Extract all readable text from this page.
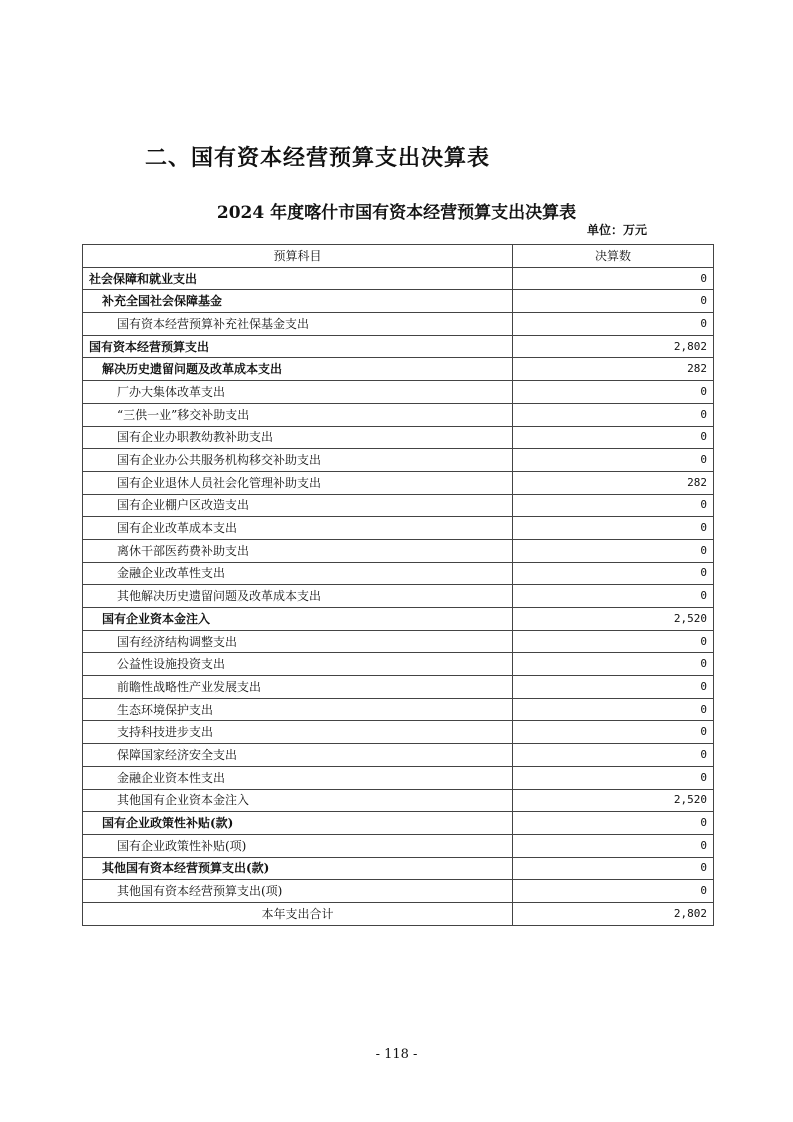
二、国有资本经营预算支出决算表
2024 年度喀什市国有资本经营预算支出决算表
单位：万元
预算科目	决算数
社会保障和就业支出	0
补充全国社会保障基金	0
国有资本经营预算补充社保基金支出	0
国有资本经营预算支出	2,802
解决历史遗留问题及改革成本支出	282
厂办大集体改革支出	0
“三供一业”移交补助支出	0
国有企业办职教幼教补助支出	0
国有企业办公共服务机构移交补助支出	0
国有企业退休人员社会化管理补助支出	282
国有企业棚户区改造支出	0
国有企业改革成本支出	0
离休干部医药费补助支出	0
金融企业改革性支出	0
其他解决历史遗留问题及改革成本支出	0
国有企业资本金注入	2,520
国有经济结构调整支出	0
公益性设施投资支出	0
前瞻性战略性产业发展支出	0
生态环境保护支出	0
支持科技进步支出	0
保障国家经济安全支出	0
金融企业资本性支出	0
其他国有企业资本金注入	2,520
国有企业政策性补贴(款)	0
国有企业政策性补贴(项)	0
其他国有资本经营预算支出(款)	0
其他国有资本经营预算支出(项)	0
本年支出合计	2,802
- 118 -
